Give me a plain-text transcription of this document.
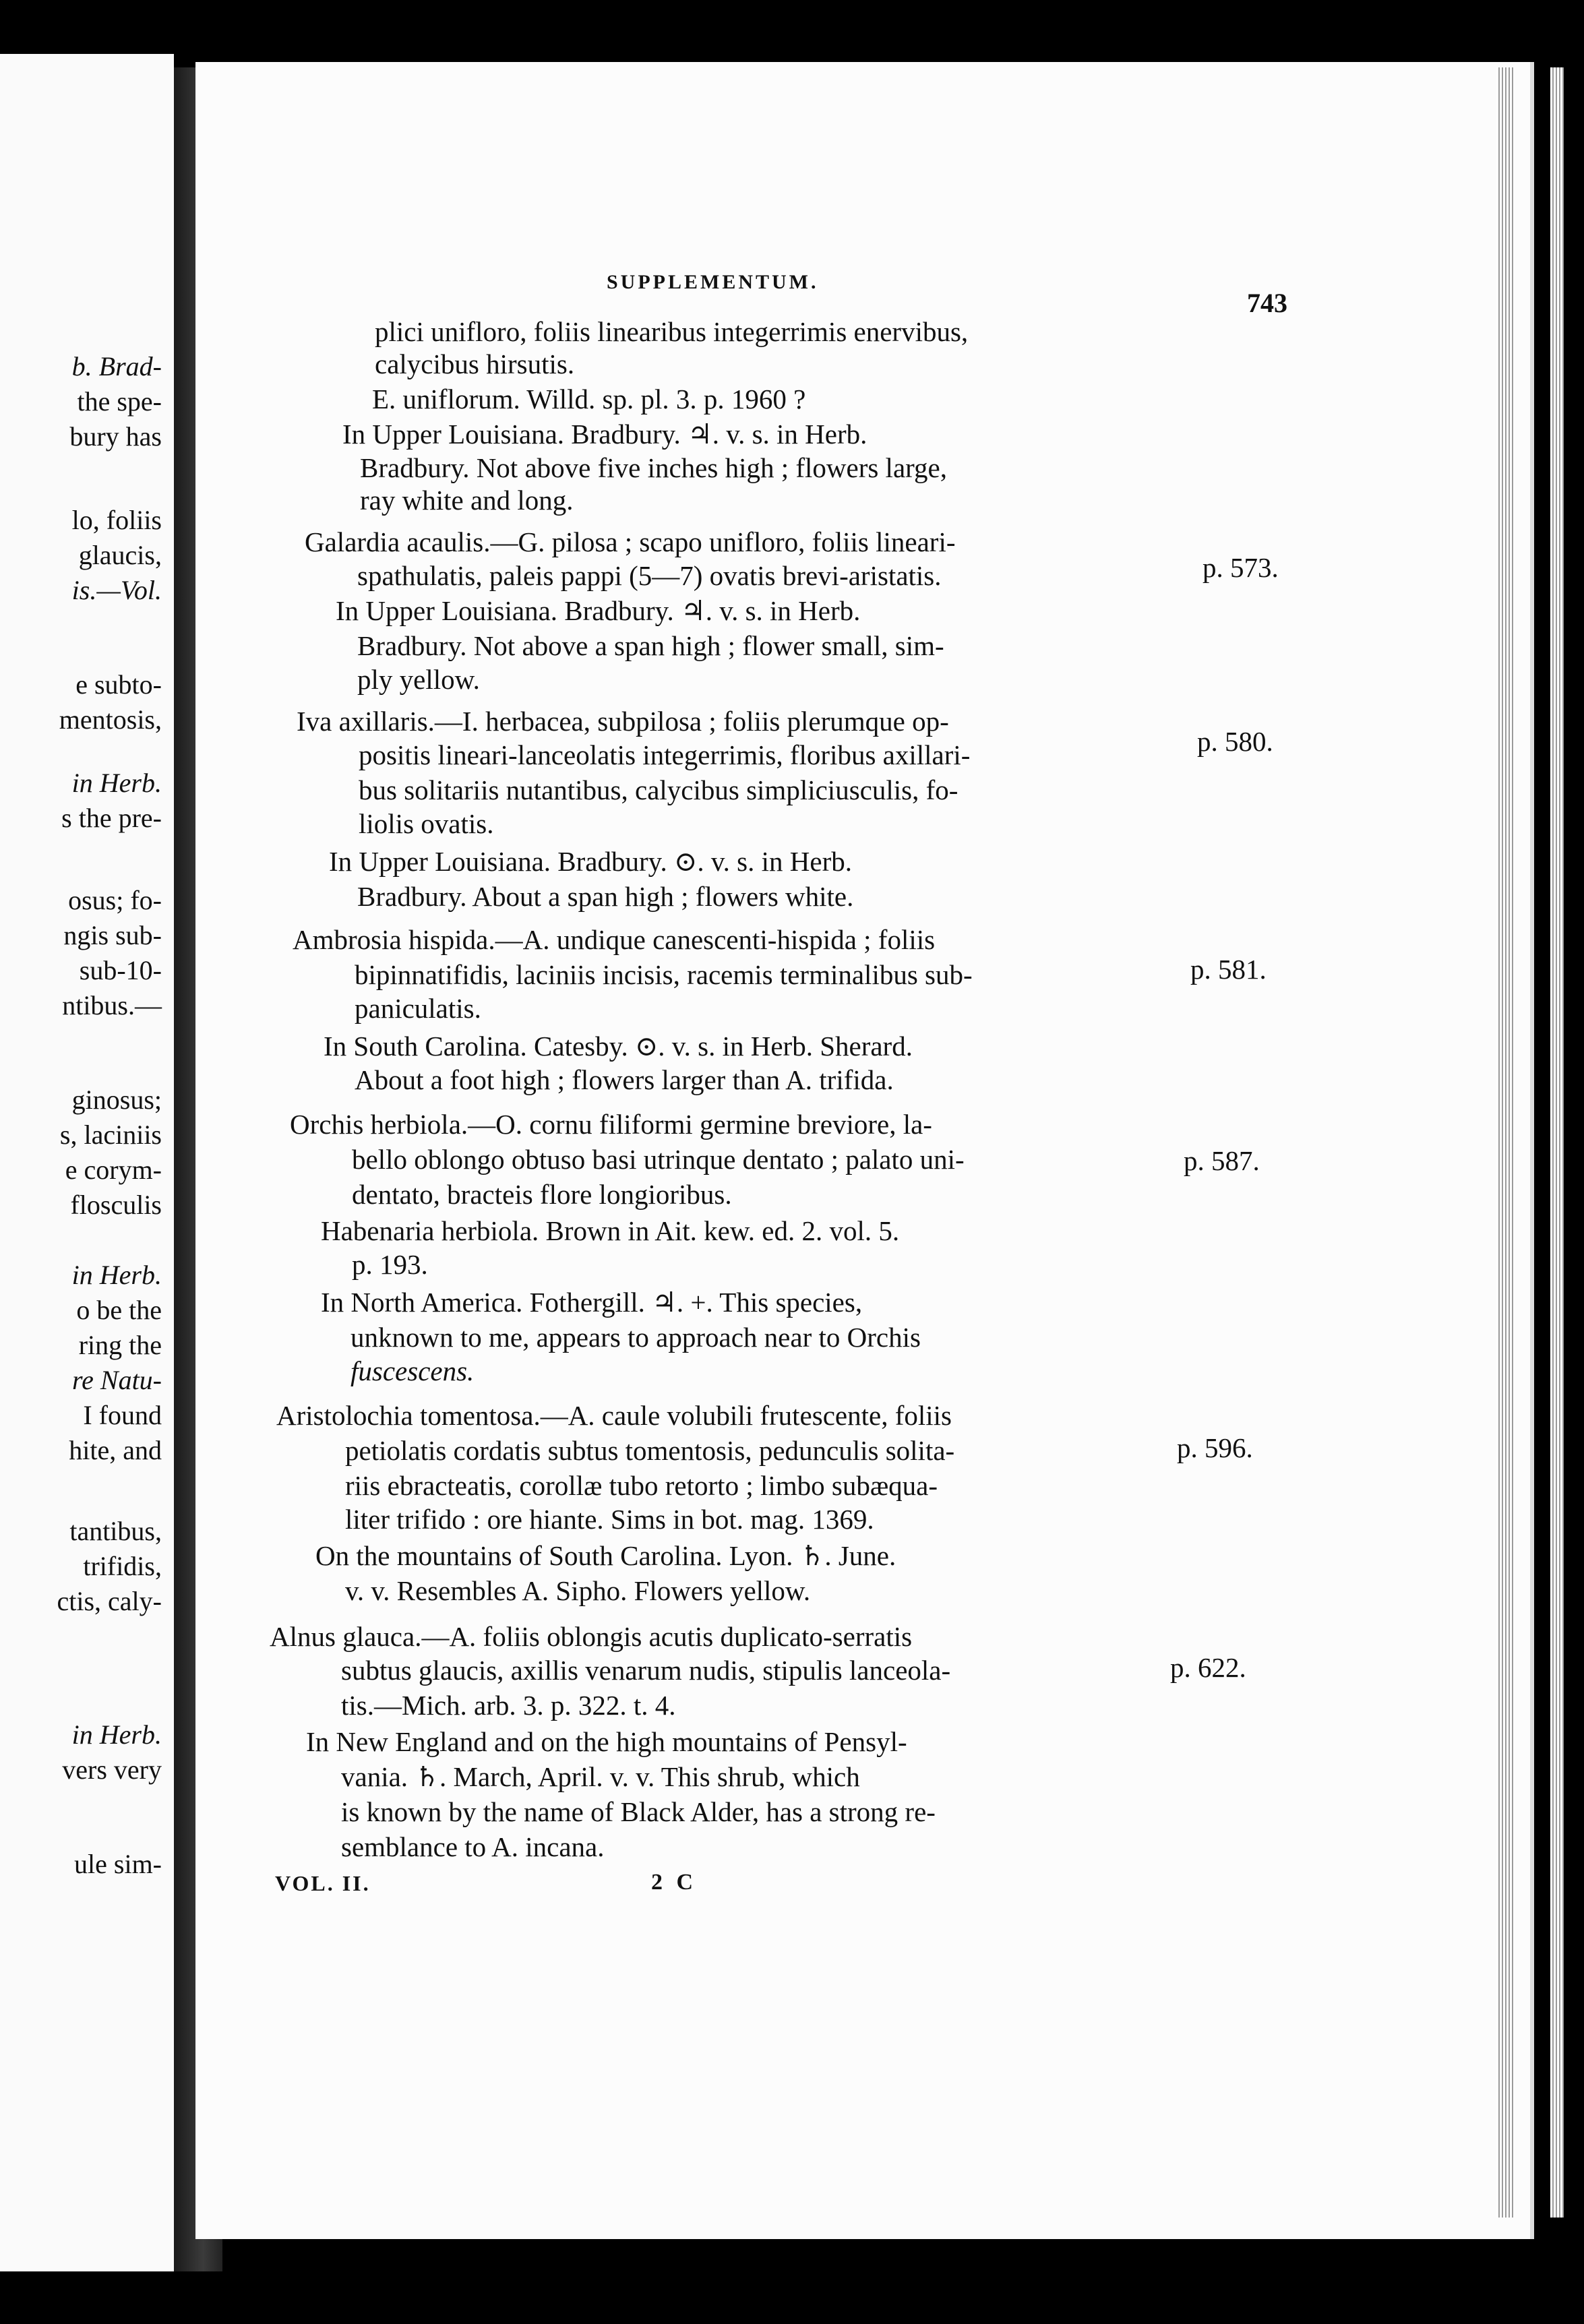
b. Brad-
the spe-
bury has
lo, foliis
glaucis,
is.—Vol.
e subto-
mentosis,
in Herb.
s the pre-
osus; fo-
ngis sub-
sub-10-
ntibus.—
ginosus;
s, laciniis
e corym-
flosculis
in Herb.
o be the
ring the
re Natu-
I found
hite, and
tantibus,
trifidis,
ctis, caly-
in Herb.
vers very
ule sim-
SUPPLEMENTUM.
743
plici unifloro, foliis linearibus integerrimis enervibus,
calycibus hirsutis.
E. uniflorum. Willd. sp. pl. 3. p. 1960 ?
In Upper Louisiana. Bradbury. ♃. v. s. in Herb.
Bradbury. Not above five inches high ; flowers large,
ray white and long.
Galardia acaulis.—G. pilosa ; scapo unifloro, foliis lineari-
spathulatis, paleis pappi (5—7) ovatis brevi-aristatis.
In Upper Louisiana. Bradbury. ♃. v. s. in Herb.
Bradbury. Not above a span high ; flower small, sim-
ply yellow.
Iva axillaris.—I. herbacea, subpilosa ; foliis plerumque op-
positis lineari-lanceolatis integerrimis, floribus axillari-
bus solitariis nutantibus, calycibus simpliciusculis, fo-
liolis ovatis.
In Upper Louisiana. Bradbury. ⊙. v. s. in Herb.
Bradbury. About a span high ; flowers white.
Ambrosia hispida.—A. undique canescenti-hispida ; foliis
bipinnatifidis, laciniis incisis, racemis terminalibus sub-
paniculatis.
In South Carolina. Catesby. ⊙. v. s. in Herb. Sherard.
About a foot high ; flowers larger than A. trifida.
Orchis herbiola.—O. cornu filiformi germine breviore, la-
bello oblongo obtuso basi utrinque dentato ; palato uni-
dentato, bracteis flore longioribus.
Habenaria herbiola. Brown in Ait. kew. ed. 2. vol. 5.
p. 193.
In North America. Fothergill. ♃. +. This species,
unknown to me, appears to approach near to Orchis
fuscescens.
Aristolochia tomentosa.—A. caule volubili frutescente, foliis
petiolatis cordatis subtus tomentosis, pedunculis solita-
riis ebracteatis, corollæ tubo retorto ; limbo subæqua-
liter trifido : ore hiante. Sims in bot. mag. 1369.
On the mountains of South Carolina. Lyon. ♄. June.
v. v. Resembles A. Sipho. Flowers yellow.
Alnus glauca.—A. foliis oblongis acutis duplicato-serratis
subtus glaucis, axillis venarum nudis, stipulis lanceola-
tis.—Mich. arb. 3. p. 322. t. 4.
In New England and on the high mountains of Pensyl-
vania. ♄. March, April. v. v. This shrub, which
is known by the name of Black Alder, has a strong re-
semblance to A. incana.
p. 573.
p. 580.
p. 581.
p. 587.
p. 596.
p. 622.
VOL. II.	2 C
